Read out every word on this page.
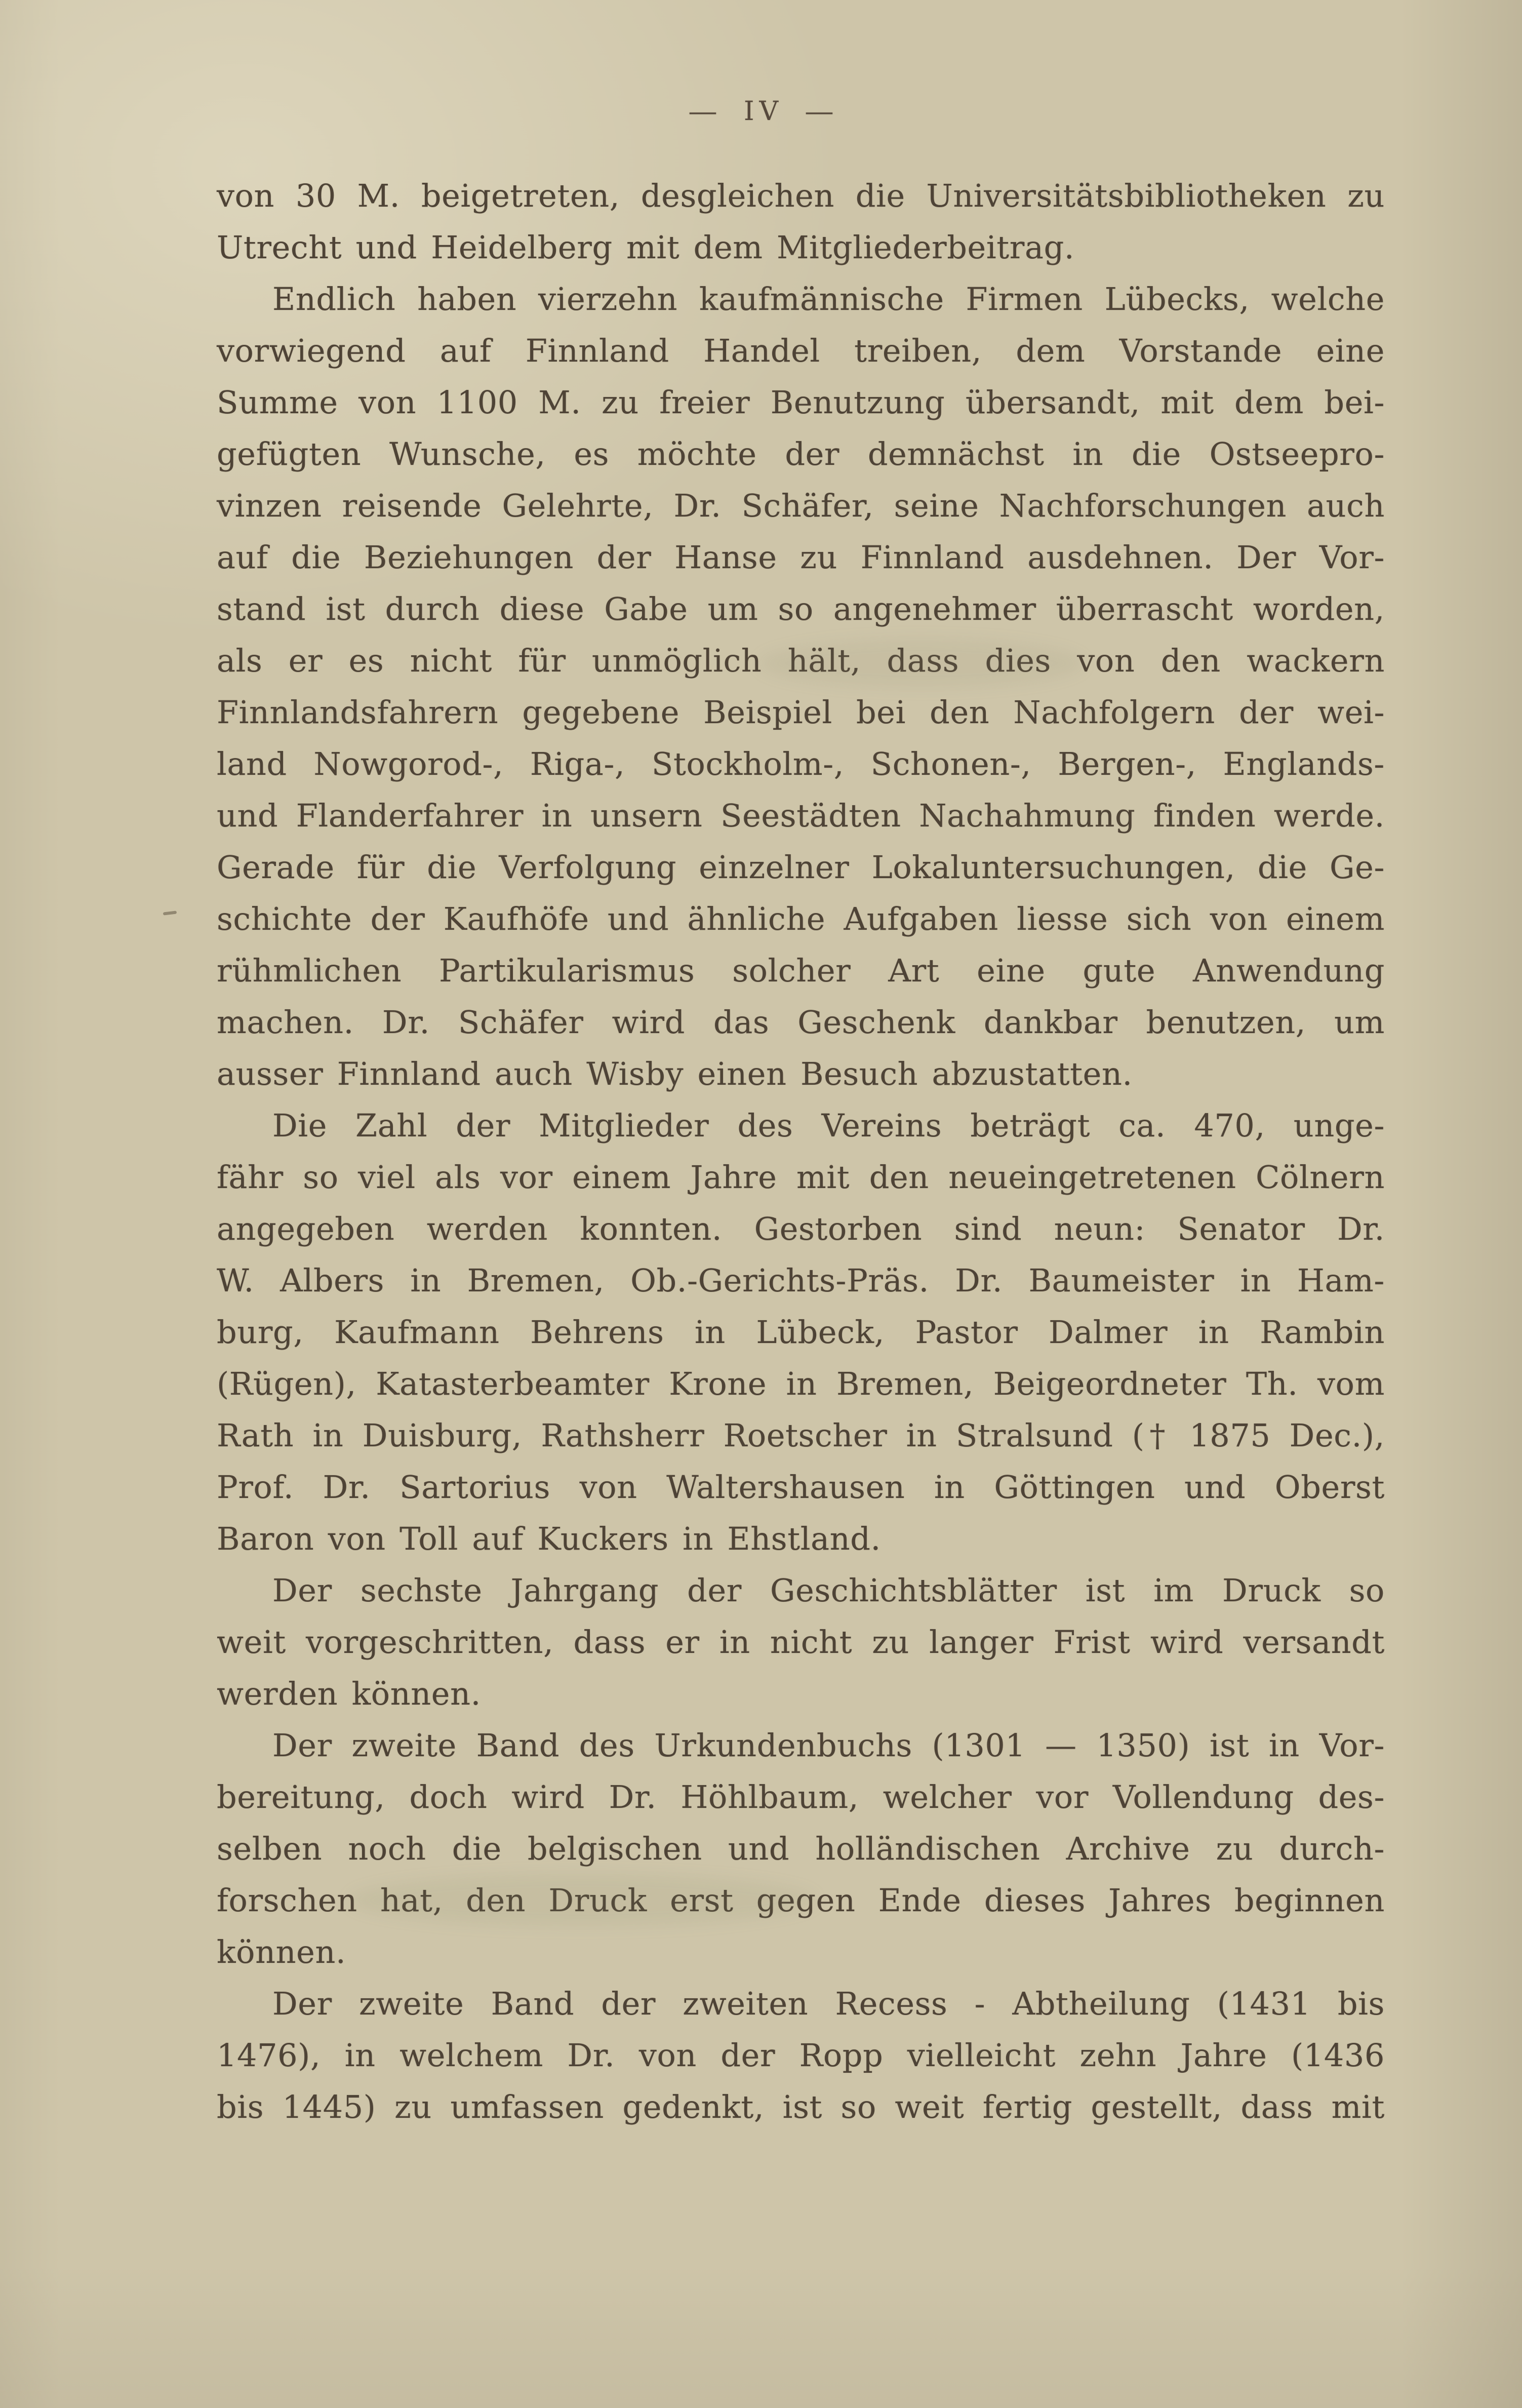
— IV —
von 30 M. beigetreten, desgleichen die Universitätsbibliotheken zu
Utrecht und Heidelberg mit dem Mitgliederbeitrag.
Endlich haben vierzehn kaufmännische Firmen Lübecks, welche
vorwiegend auf Finnland Handel treiben, dem Vorstande eine
Summe von 1100 M. zu freier Benutzung übersandt, mit dem bei-
gefügten Wunsche, es möchte der demnächst in die Ostseepro-
vinzen reisende Gelehrte, Dr. Schäfer, seine Nachforschungen auch
auf die Beziehungen der Hanse zu Finnland ausdehnen. Der Vor-
stand ist durch diese Gabe um so angenehmer überrascht worden,
als er es nicht für unmöglich hält, dass dies von den wackern
Finnlandsfahrern gegebene Beispiel bei den Nachfolgern der wei-
land Nowgorod-, Riga-, Stockholm-, Schonen-, Bergen-, Englands-
und Flanderfahrer in unsern Seestädten Nachahmung finden werde.
Gerade für die Verfolgung einzelner Lokaluntersuchungen, die Ge-
schichte der Kaufhöfe und ähnliche Aufgaben liesse sich von einem
rühmlichen Partikularismus solcher Art eine gute Anwendung
machen. Dr. Schäfer wird das Geschenk dankbar benutzen, um
ausser Finnland auch Wisby einen Besuch abzustatten.
Die Zahl der Mitglieder des Vereins beträgt ca. 470, unge-
fähr so viel als vor einem Jahre mit den neueingetretenen Cölnern
angegeben werden konnten. Gestorben sind neun: Senator Dr.
W. Albers in Bremen, Ob.-Gerichts-Präs. Dr. Baumeister in Ham-
burg, Kaufmann Behrens in Lübeck, Pastor Dalmer in Rambin
(Rügen), Katasterbeamter Krone in Bremen, Beigeordneter Th. vom
Rath in Duisburg, Rathsherr Roetscher in Stralsund († 1875 Dec.),
Prof. Dr. Sartorius von Waltershausen in Göttingen und Oberst
Baron von Toll auf Kuckers in Ehstland.
Der sechste Jahrgang der Geschichtsblätter ist im Druck so
weit vorgeschritten, dass er in nicht zu langer Frist wird versandt
werden können.
Der zweite Band des Urkundenbuchs (1301 — 1350) ist in Vor-
bereitung, doch wird Dr. Höhlbaum, welcher vor Vollendung des-
selben noch die belgischen und holländischen Archive zu durch-
forschen hat, den Druck erst gegen Ende dieses Jahres beginnen
können.
Der zweite Band der zweiten Recess - Abtheilung (1431 bis
1476), in welchem Dr. von der Ropp vielleicht zehn Jahre (1436
bis 1445) zu umfassen gedenkt, ist so weit fertig gestellt, dass mit
